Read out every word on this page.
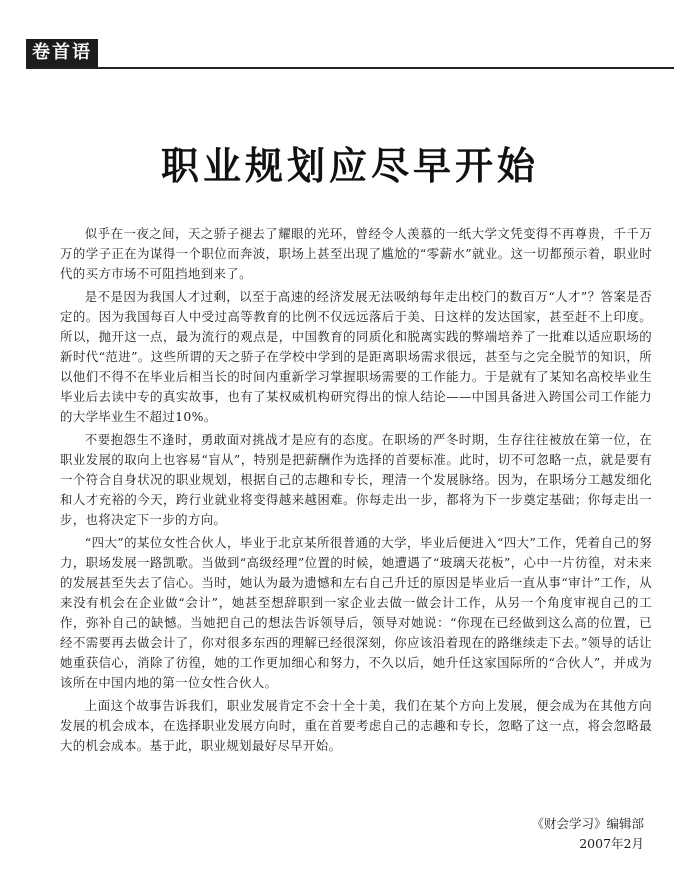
卷首语
职业规划应尽早开始

似乎在一夜之间，天之骄子褪去了耀眼的光环，曾经令人羡慕的一纸大学文凭变得不再尊贵，千千万万的学子正在为谋得一个职位而奔波，职场上甚至出现了尴尬的“零薪水”就业。这一切都预示着，职业时代的买方市场不可阻挡地到来了。

是不是因为我国人才过剩，以至于高速的经济发展无法吸纳每年走出校门的数百万“人才”？答案是否定的。因为我国每百人中受过高等教育的比例不仅远远落后于美、日这样的发达国家，甚至赶不上印度。所以，抛开这一点，最为流行的观点是，中国教育的同质化和脱离实践的弊端培养了一批难以适应职场的新时代“范进”。这些所谓的天之骄子在学校中学到的是距离职场需求很远，甚至与之完全脱节的知识，所以他们不得不在毕业后相当长的时间内重新学习掌握职场需要的工作能力。于是就有了某知名高校毕业生毕业后去读中专的真实故事，也有了某权威机构研究得出的惊人结论——中国具备进入跨国公司工作能力的大学毕业生不超过10%。

不要抱怨生不逢时，勇敢面对挑战才是应有的态度。在职场的严冬时期，生存往往被放在第一位，在职业发展的取向上也容易“盲从”，特别是把薪酬作为选择的首要标准。此时，切不可忽略一点，就是要有一个符合自身状况的职业规划，根据自己的志趣和专长，理清一个发展脉络。因为，在职场分工越发细化和人才充裕的今天，跨行业就业将变得越来越困难。你每走出一步，都将为下一步奠定基础；你每走出一步，也将决定下一步的方向。

“四大”的某位女性合伙人，毕业于北京某所很普通的大学，毕业后便进入“四大”工作，凭着自己的努力，职场发展一路凯歌。当做到“高级经理”位置的时候，她遭遇了“玻璃天花板”，心中一片彷徨，对未来的发展甚至失去了信心。当时，她认为最为遗憾和左右自己升迁的原因是毕业后一直从事“审计”工作，从来没有机会在企业做“会计”，她甚至想辞职到一家企业去做一做会计工作，从另一个角度审视自己的工作，弥补自己的缺憾。当她把自己的想法告诉领导后，领导对她说：“你现在已经做到这么高的位置，已经不需要再去做会计了，你对很多东西的理解已经很深刻，你应该沿着现在的路继续走下去。”领导的话让她重获信心，消除了彷徨，她的工作更加细心和努力，不久以后，她升任这家国际所的“合伙人”，并成为该所在中国内地的第一位女性合伙人。

上面这个故事告诉我们，职业发展肯定不会十全十美，我们在某个方向上发展，便会成为在其他方向发展的机会成本，在选择职业发展方向时，重在首要考虑自己的志趣和专长，忽略了这一点，将会忽略最大的机会成本。基于此，职业规划最好尽早开始。

《财会学习》编辑部
2007年2月
